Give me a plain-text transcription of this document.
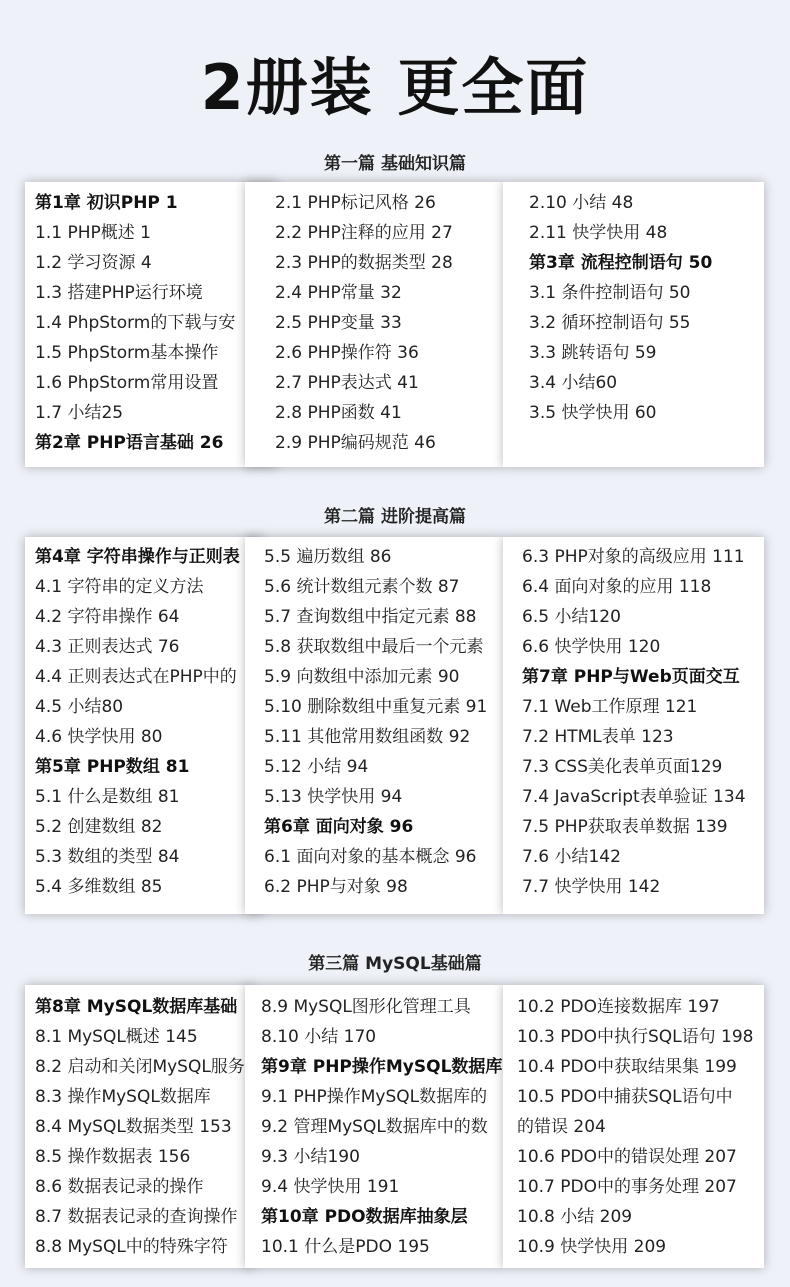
2册装 更全面
第一篇 基础知识篇
第1章 初识PHP 1
1.1 PHP概述 1
1.2 学习资源 4
1.3 搭建PHP运行环境
1.4 PhpStorm的下载与安
1.5 PhpStorm基本操作
1.6 PhpStorm常用设置
1.7 小结25
第2章 PHP语言基础 26
2.1 PHP标记风格 26
2.2 PHP注释的应用 27
2.3 PHP的数据类型 28
2.4 PHP常量 32
2.5 PHP变量 33
2.6 PHP操作符 36
2.7 PHP表达式 41
2.8 PHP函数 41
2.9 PHP编码规范 46
2.10 小结 48
2.11 快学快用 48
第3章 流程控制语句 50
3.1 条件控制语句 50
3.2 循环控制语句 55
3.3 跳转语句 59
3.4 小结60
3.5 快学快用 60
第二篇 进阶提高篇
第4章 字符串操作与正则表
4.1 字符串的定义方法
4.2 字符串操作 64
4.3 正则表达式 76
4.4 正则表达式在PHP中的
4.5 小结80
4.6 快学快用 80
第5章 PHP数组 81
5.1 什么是数组 81
5.2 创建数组 82
5.3 数组的类型 84
5.4 多维数组 85
5.5 遍历数组 86
5.6 统计数组元素个数 87
5.7 查询数组中指定元素 88
5.8 获取数组中最后一个元素
5.9 向数组中添加元素 90
5.10 删除数组中重复元素 91
5.11 其他常用数组函数 92
5.12 小结 94
5.13 快学快用 94
第6章 面向对象 96
6.1 面向对象的基本概念 96
6.2 PHP与对象 98
6.3 PHP对象的高级应用 111
6.4 面向对象的应用 118
6.5 小结120
6.6 快学快用 120
第7章 PHP与Web页面交互
7.1 Web工作原理 121
7.2 HTML表单 123
7.3 CSS美化表单页面129
7.4 JavaScript表单验证 134
7.5 PHP获取表单数据 139
7.6 小结142
7.7 快学快用 142
第三篇 MySQL基础篇
第8章 MySQL数据库基础
8.1 MySQL概述 145
8.2 启动和关闭MySQL服务
8.3 操作MySQL数据库
8.4 MySQL数据类型 153
8.5 操作数据表 156
8.6 数据表记录的操作
8.7 数据表记录的查询操作
8.8 MySQL中的特殊字符
8.9 MySQL图形化管理工具
8.10 小结 170
第9章 PHP操作MySQL数据库
9.1 PHP操作MySQL数据库的
9.2 管理MySQL数据库中的数
9.3 小结190
9.4 快学快用 191
第10章 PDO数据库抽象层
10.1 什么是PDO 195
10.2 PDO连接数据库 197
10.3 PDO中执行SQL语句 198
10.4 PDO中获取结果集 199
10.5 PDO中捕获SQL语句中
的错误 204
10.6 PDO中的错误处理 207
10.7 PDO中的事务处理 207
10.8 小结 209
10.9 快学快用 209
